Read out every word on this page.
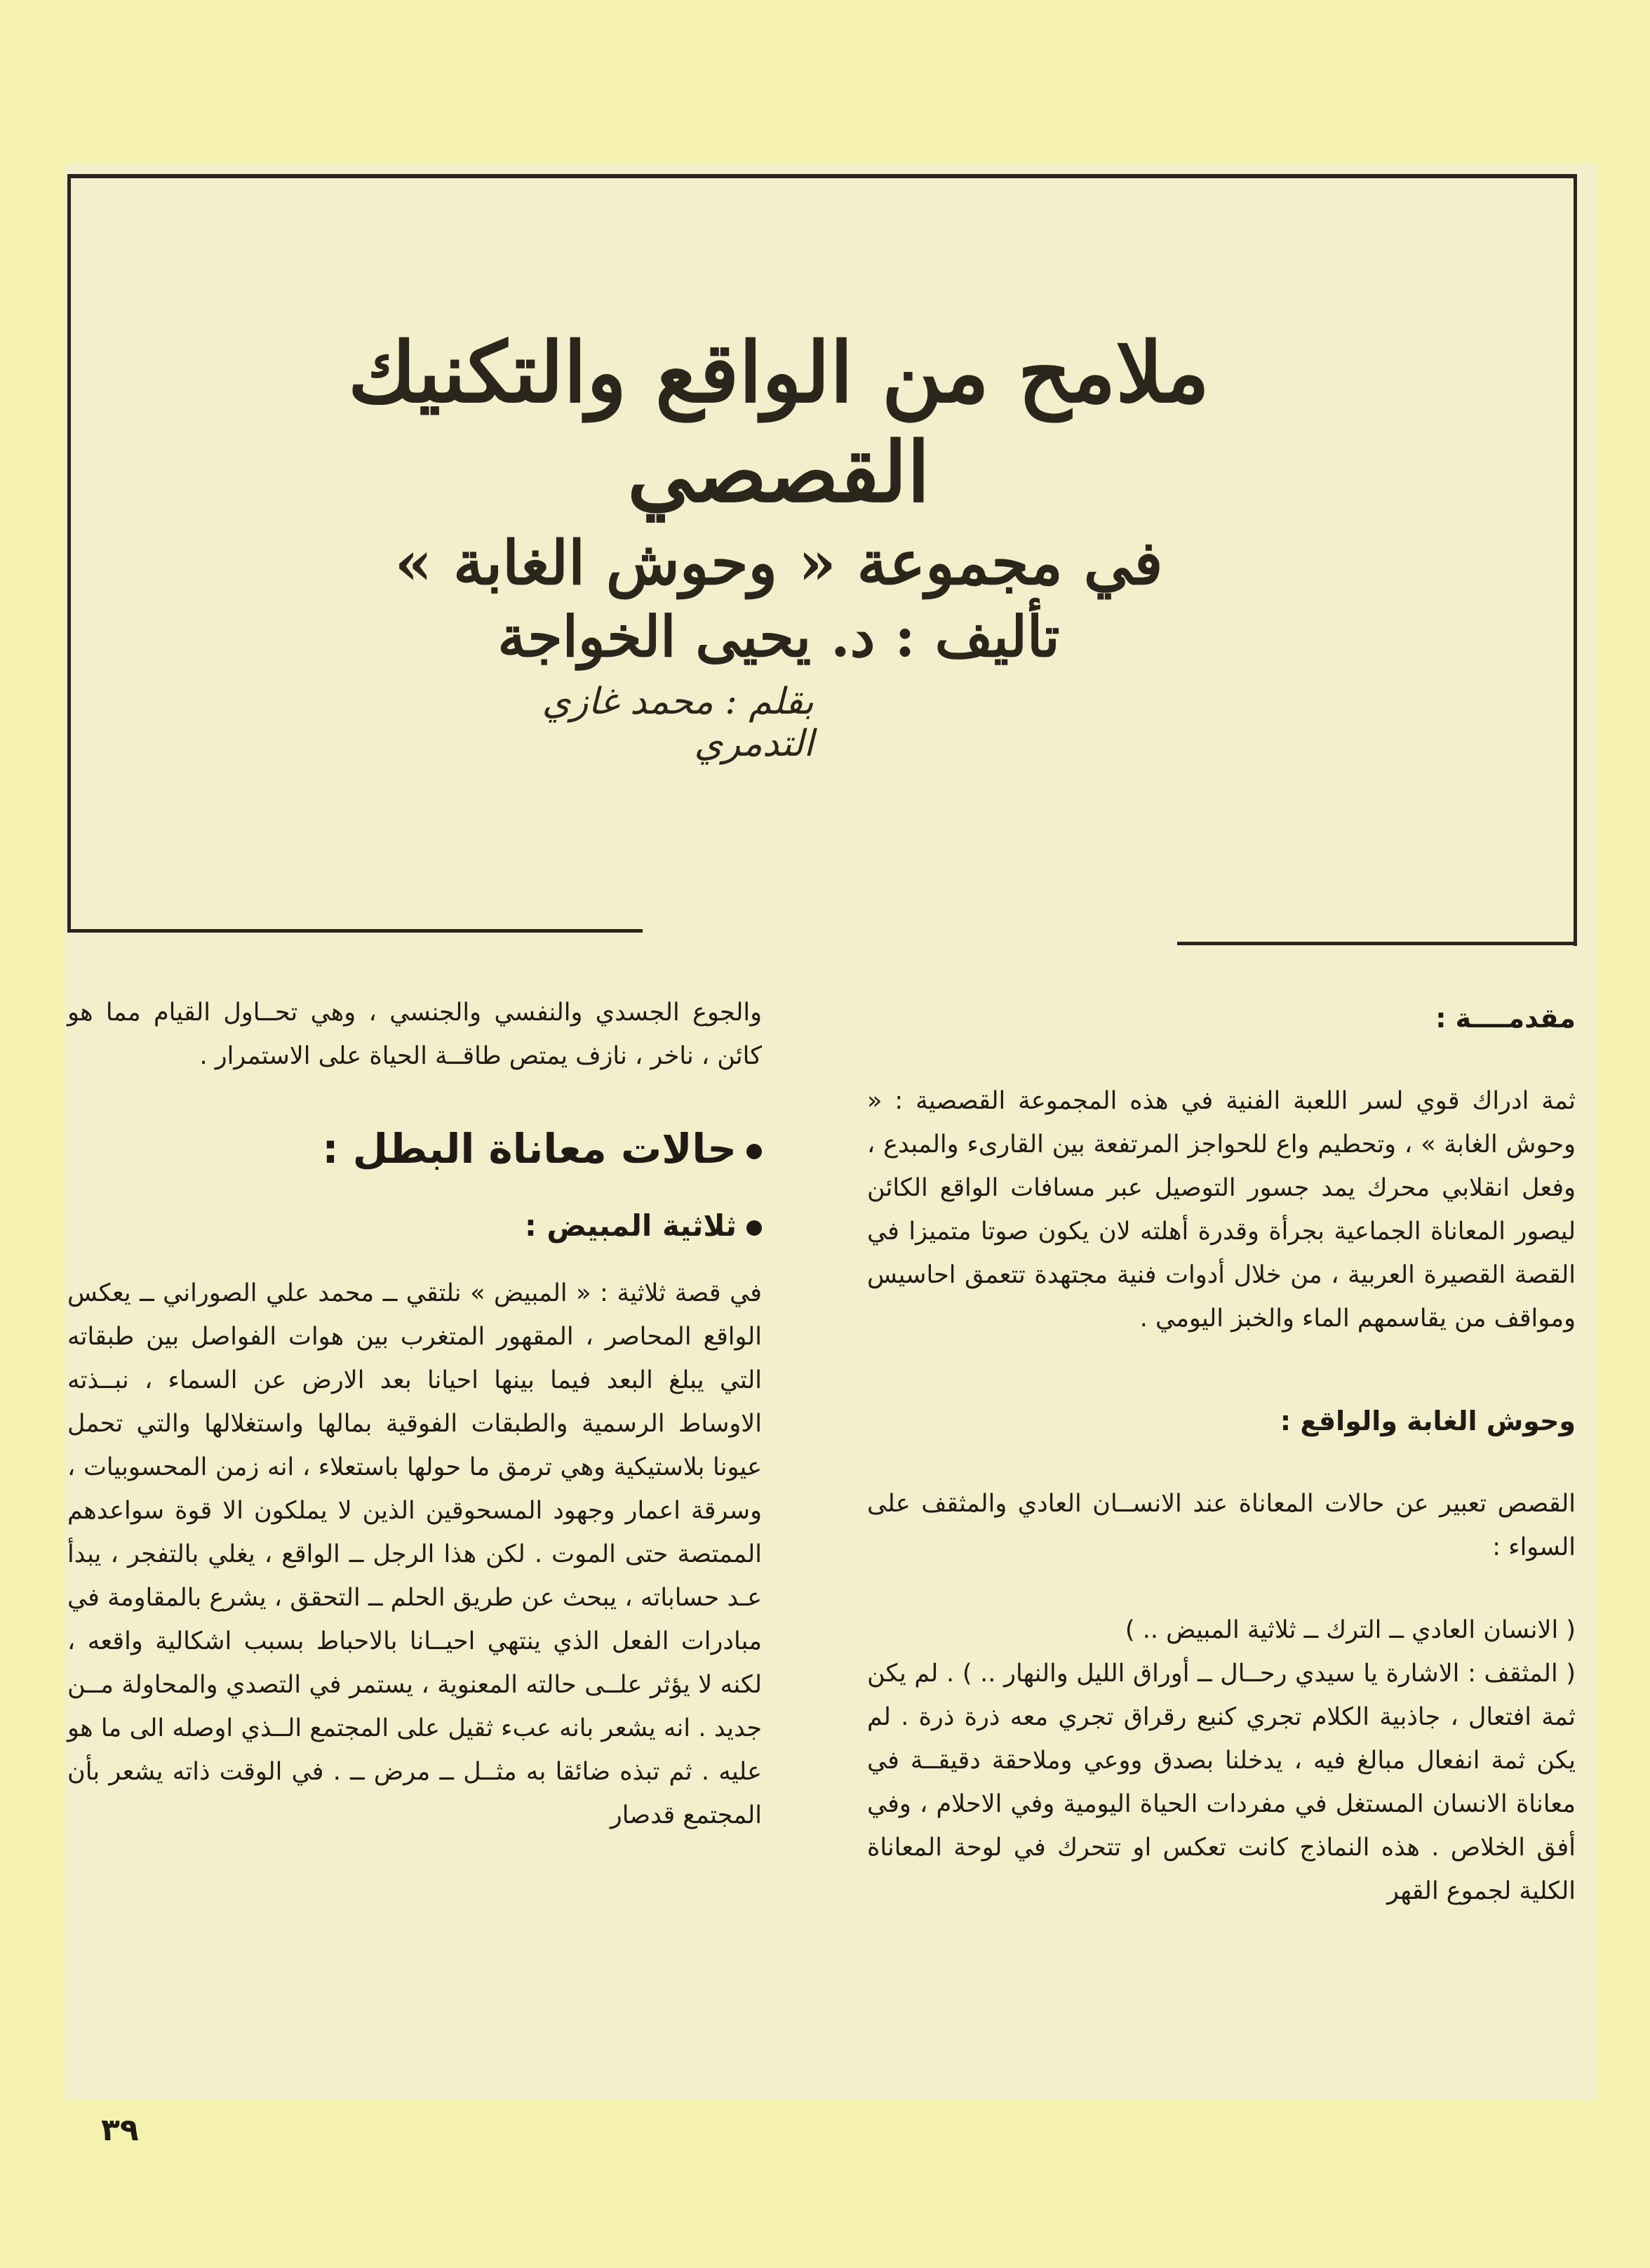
ملامح من الواقع والتكنيك القصصي
في مجموعة « وحوش الغابة »
تأليف : د. يحيى الخواجة
بقلم : محمد غازي التدمري

مقدمــــة :

ثمة ادراك قوي لسر اللعبة الفنية في هذه المجموعة القصصية : « وحوش الغابة » ، وتحطيم واع للحواجز المرتفعة بين القارىء والمبدع ، وفعل انقلابي محرك يمد جسور التوصيل عبر مسافات الواقع الكائن ليصور المعاناة الجماعية بجرأة وقدرة أهلته لان يكون صوتا متميزا في القصة القصيرة العربية ، من خلال أدوات فنية مجتهدة تتعمق احاسيس ومواقف من يقاسمهم الماء والخبز اليومي .

وحوش الغابة والواقع :

القصص تعبير عن حالات المعاناة عند الانســان العادي والمثقف على السواء :

( الانسان العادي ــ الترك ــ ثلاثية المبيض .. )

( المثقف : الاشارة يا سيدي رحــال ــ أوراق الليل والنهار .. ) . لم يكن ثمة افتعال ، جاذبية الكلام تجري كنبع رقراق تجري معه ذرة ذرة . لم يكن ثمة انفعال مبالغ فيه ، يدخلنا بصدق ووعي وملاحقة دقيقــة في معاناة الانسان المستغل في مفردات الحياة اليومية وفي الاحلام ، وفي أفق الخلاص . هذه النماذج كانت تعكس او تتحرك في لوحة المعاناة الكلية لجموع القهر

والجوع الجسدي والنفسي والجنسي ، وهي تحــاول القيام مما هو كائن ، ناخر ، نازف يمتص طاقــة الحياة على الاستمرار .

حالات معاناة البطل :

ثلاثية المبيض :

في قصة ثلاثية : « المبيض » نلتقي ــ محمد علي الصوراني ــ يعكس الواقع المحاصر ، المقهور المتغرب بين هوات الفواصل بين طبقاته التي يبلغ البعد فيما بينها احيانا بعد الارض عن السماء ، نبــذته الاوساط الرسمية والطبقات الفوقية بمالها واستغلالها والتي تحمل عيونا بلاستيكية وهي ترمق ما حولها باستعلاء ، انه زمن المحسوبيات ، وسرقة اعمار وجهود المسحوقين الذين لا يملكون الا قوة سواعدهم الممتصة حتى الموت . لكن هذا الرجل ــ الواقع ، يغلي بالتفجر ، يبدأ عـد حساباته ، يبحث عن طريق الحلم ــ التحقق ، يشرع بالمقاومة في مبادرات الفعل الذي ينتهي احيــانا بالاحباط بسبب اشكالية واقعه ، لكنه لا يؤثر علــى حالته المعنوية ، يستمر في التصدي والمحاولة مــن جديد . انه يشعر بانه عبء ثقيل على المجتمع الــذي اوصله الى ما هو عليه . ثم تبذه ضائقا به مثــل ــ مرض ــ . في الوقت ذاته يشعر بأن المجتمع قدصار

٣٩
